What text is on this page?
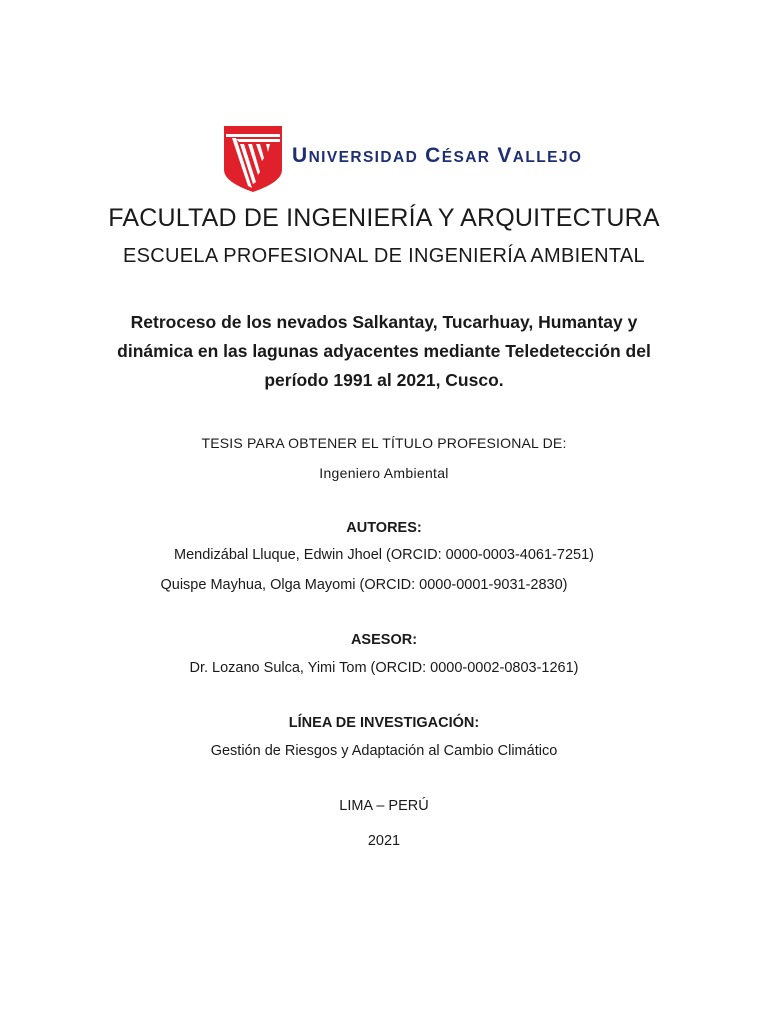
UNIVERSIDAD CÉSAR VALLEJO
FACULTAD DE INGENIERÍA Y ARQUITECTURA
ESCUELA PROFESIONAL DE INGENIERÍA AMBIENTAL
Retroceso de los nevados Salkantay, Tucarhuay, Humantay y
dinámica en las lagunas adyacentes mediante Teledetección del
período 1991 al 2021, Cusco.
TESIS PARA OBTENER EL TÍTULO PROFESIONAL DE:
Ingeniero Ambiental
AUTORES:
Mendizábal Lluque, Edwin Jhoel (ORCID: 0000-0003-4061-7251)
Quispe Mayhua, Olga Mayomi (ORCID: 0000-0001-9031-2830)
ASESOR:
Dr. Lozano Sulca, Yimi Tom (ORCID: 0000-0002-0803-1261)
LÍNEA DE INVESTIGACIÓN:
Gestión de Riesgos y Adaptación al Cambio Climático
LIMA – PERÚ
2021
